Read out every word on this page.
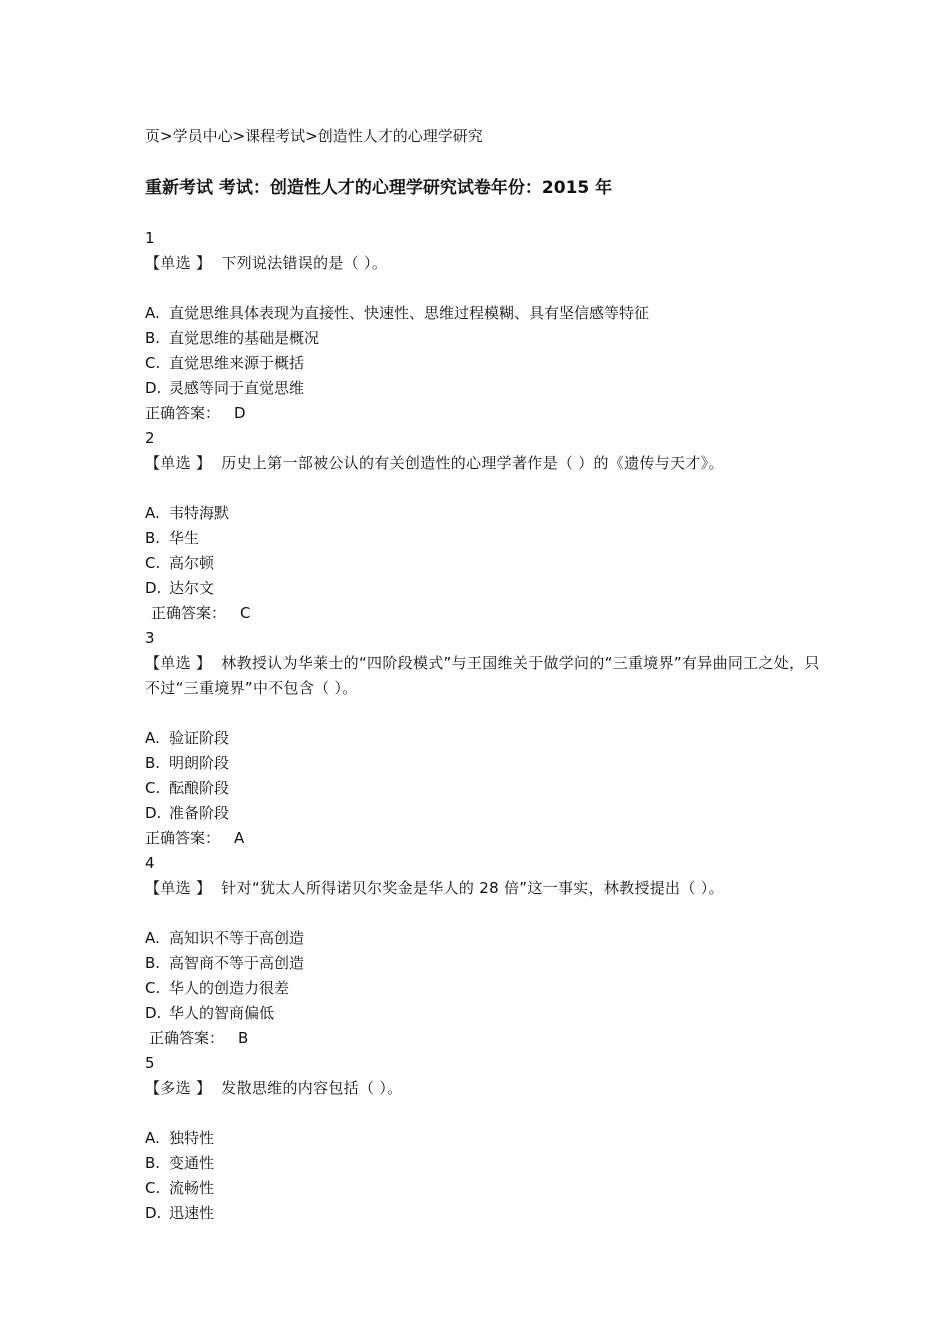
页>学员中心>课程考试>创造性人才的心理学研究
重新考试 考试：创造性人才的心理学研究试卷年份：2015 年
1
【单选 】 下列说法错误的是（ ）。
A. 直觉思维具体表现为直接性、快速性、思维过程模糊、具有坚信感等特征
B. 直觉思维的基础是概况
C. 直觉思维来源于概括
D. 灵感等同于直觉思维
正确答案： D
2
【单选 】 历史上第一部被公认的有关创造性的心理学著作是（ ）的《遗传与天才》。
A. 韦特海默
B. 华生
C. 高尔顿
D. 达尔文
正确答案： C
3
【单选 】 林教授认为华莱士的“四阶段模式”与王国维关于做学问的“三重境界”有异曲同工之处，只不过“三重境界”中不包含（ ）。
A. 验证阶段
B. 明朗阶段
C. 酝酿阶段
D. 准备阶段
正确答案： A
4
【单选 】 针对“犹太人所得诺贝尔奖金是华人的 28 倍”这一事实，林教授提出（ ）。
A. 高知识不等于高创造
B. 高智商不等于高创造
C. 华人的创造力很差
D. 华人的智商偏低
正确答案： B
5
【多选 】 发散思维的内容包括（ ）。
A. 独特性
B. 变通性
C. 流畅性
D. 迅速性
